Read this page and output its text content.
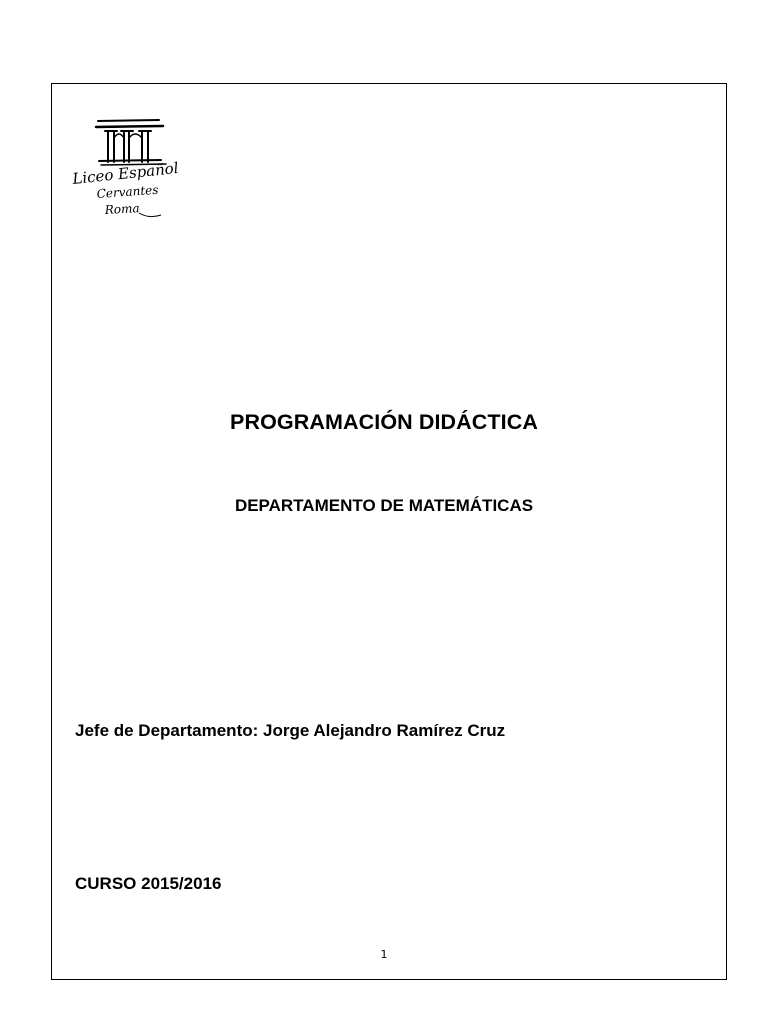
Liceo Español
Cervantes
Roma
PROGRAMACIÓN DIDÁCTICA
DEPARTAMENTO DE MATEMÁTICAS
Jefe de Departamento: Jorge Alejandro Ramírez Cruz
CURSO 2015/2016
1
